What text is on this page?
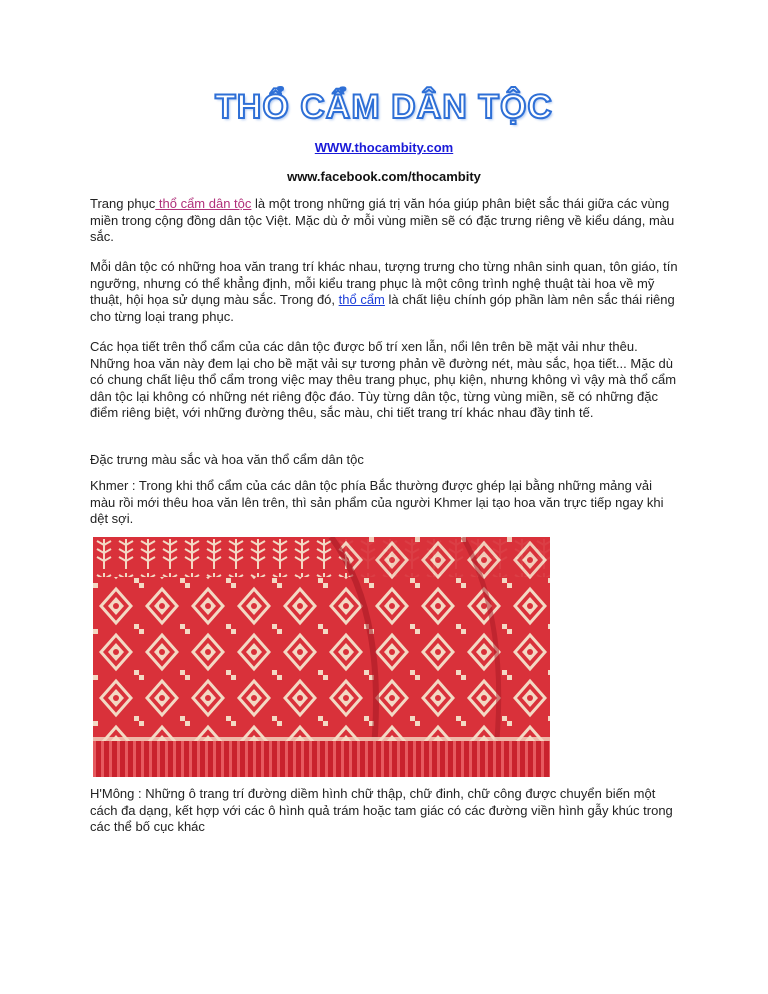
THỔ CẨM DÂN TỘC
WWW.thocambity.com
www.facebook.com/thocambity
Trang phục thổ cẩm dân tộc là một trong những giá trị văn hóa giúp phân biệt sắc thái giữa các vùng miền trong cộng đồng dân tộc Việt. Mặc dù ở mỗi vùng miền sẽ có đặc trưng riêng về kiểu dáng, màu sắc.
Mỗi dân tộc có những hoa văn trang trí khác nhau, tượng trưng cho từng nhân sinh quan, tôn giáo, tín ngưỡng, nhưng có thể khẳng định, mỗi kiểu trang phục là một công trình nghệ thuật tài hoa về mỹ thuật, hội họa sử dụng màu sắc. Trong đó, thổ cẩm là chất liệu chính góp phần làm nên sắc thái riêng cho từng loại trang phục.
Các họa tiết trên thổ cẩm của các dân tộc được bố trí xen lẫn, nổi lên trên bề mặt vải như thêu. Những hoa văn này đem lại cho bề mặt vải sự tương phản về đường nét, màu sắc, họa tiết... Mặc dù có chung chất liệu thổ cẩm trong việc may thêu trang phục, phụ kiện, nhưng không vì vậy mà thổ cẩm dân tộc lại không có những nét riêng độc đáo. Tùy từng dân tộc, từng vùng miền, sẽ có những đặc điểm riêng biệt, với những đường thêu, sắc màu, chi tiết trang trí khác nhau đầy tinh tế.
Đặc trưng màu sắc và hoa văn thổ cẩm dân tộc
Khmer : Trong khi thổ cẩm của các dân tộc phía Bắc thường được ghép lại bằng những mảng vải màu rồi mới thêu hoa văn lên trên, thì sản phẩm của người Khmer lại tạo hoa văn trực tiếp ngay khi dệt sợi.
H'Mông : Những ô trang trí đường diềm hình chữ thập, chữ đinh, chữ công được chuyển biến một cách đa dạng, kết hợp với các ô hình quả trám hoặc tam giác có các đường viền hình gẫy khúc trong các thể bố cục khác
